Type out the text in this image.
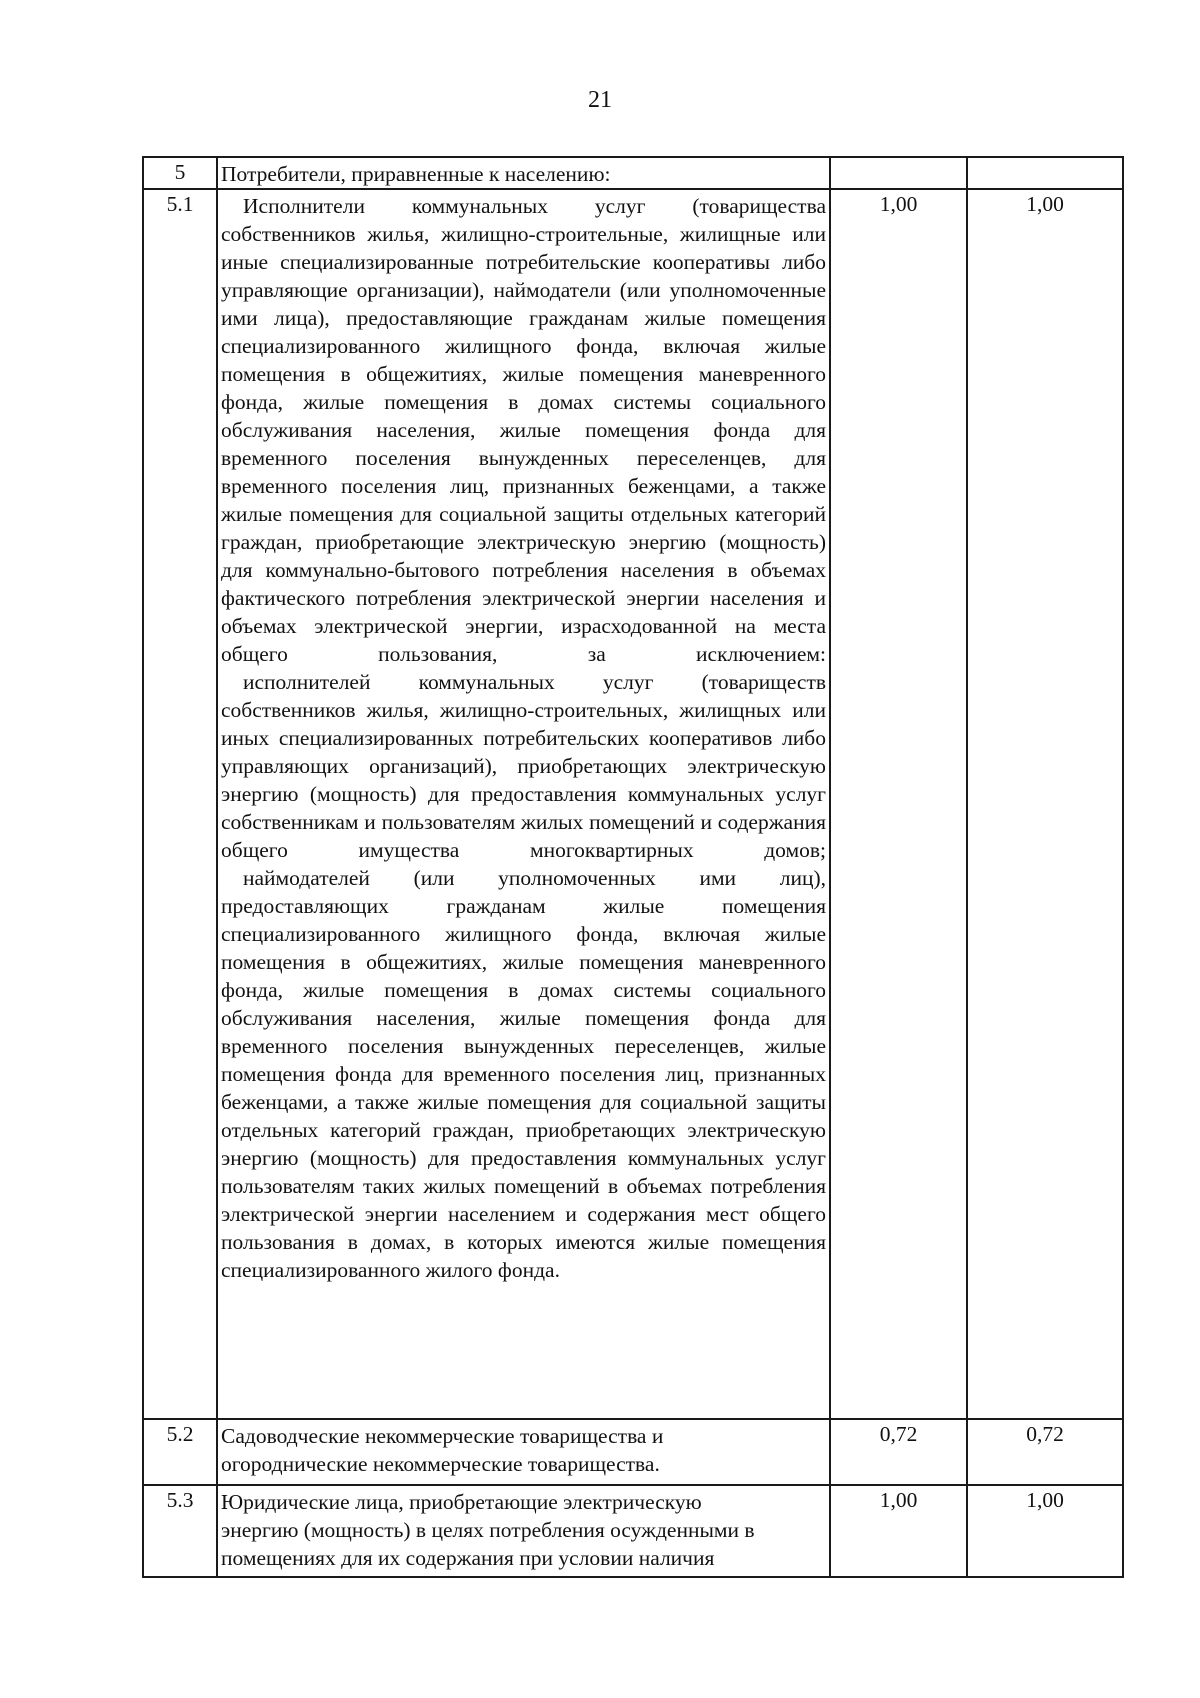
21
5	Потребители, приравненные к населению:		

5.1	Исполнители коммунальных услуг (товарищества собственников жилья, жилищно-строительные, жилищные или иные специализированные потребительские кооперативы либо управляющие организации), наймодатели (или уполномоченные ими лица), предоставляющие гражданам жилые помещения специализированного жилищного фонда, включая жилые помещения в общежитиях, жилые помещения маневренного фонда, жилые помещения в домах системы социального обслуживания населения, жилые помещения фонда для временного поселения вынужденных переселенцев, для временного поселения лиц, признанных беженцами, а также жилые помещения для социальной защиты отдельных категорий граждан, приобретающие электрическую энергию (мощность) для коммунально-бытового потребления населения в объемах фактического потребления электрической энергии населения и объемах электрической энергии, израсходованной на места общего пользования, за исключением:

исполнителей коммунальных услуг (товариществ собственников жилья, жилищно-строительных, жилищных или иных специализированных потребительских кооперативов либо управляющих организаций), приобретающих электрическую энергию (мощность) для предоставления коммунальных услуг собственникам и пользователям жилых помещений и содержания общего имущества многоквартирных домов;

наймодателей (или уполномоченных ими лиц), предоставляющих гражданам жилые помещения специализированного жилищного фонда, включая жилые помещения в общежитиях, жилые помещения маневренного фонда, жилые помещения в домах системы социального обслуживания населения, жилые помещения фонда для временного поселения вынужденных переселенцев, жилые помещения фонда для временного поселения лиц, признанных беженцами, а также жилые помещения для социальной защиты отдельных категорий граждан, приобретающих электрическую энергию (мощность) для предоставления коммунальных услуг пользователям таких жилых помещений в объемах потребления электрической энергии населением и содержания мест общего пользования в домах, в которых имеются жилые помещения специализированного жилого фонда.	1,00	1,00
5.2	Садоводческие некоммерческие товарищества и
огороднические некоммерческие товарищества.	0,72	0,72
5.3	Юридические лица, приобретающие электрическую
энергию (мощность) в целях потребления осужденными в
помещениях для их содержания при условии наличия	1,00	1,00
